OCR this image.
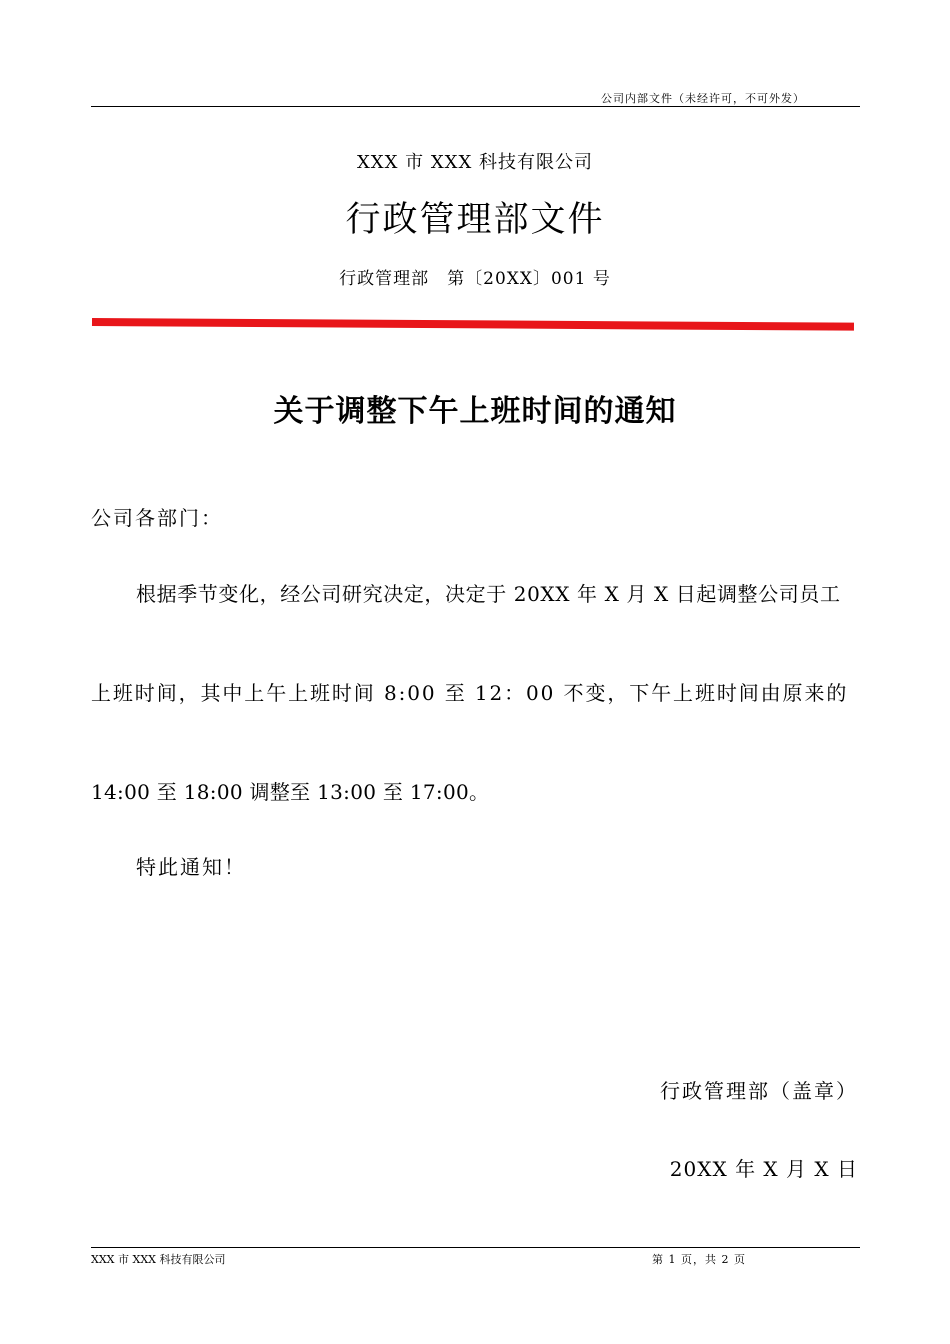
公司内部文件（未经许可，不可外发）
XXX 市 XXX 科技有限公司
行政管理部文件
行政管理部　第〔20XX〕001 号
关于调整下午上班时间的通知
公司各部门：
根据季节变化，经公司研究决定，决定于 20XX 年 X 月 X 日起调整公司员工
上班时间，其中上午上班时间 8:00 至 12：00 不变，下午上班时间由原来的
14:00 至 18:00 调整至 13:00 至 17:00。
特此通知！
行政管理部（盖章）
20XX 年 X 月 X 日
XXX 市 XXX 科技有限公司	第 1 页，共 2 页
